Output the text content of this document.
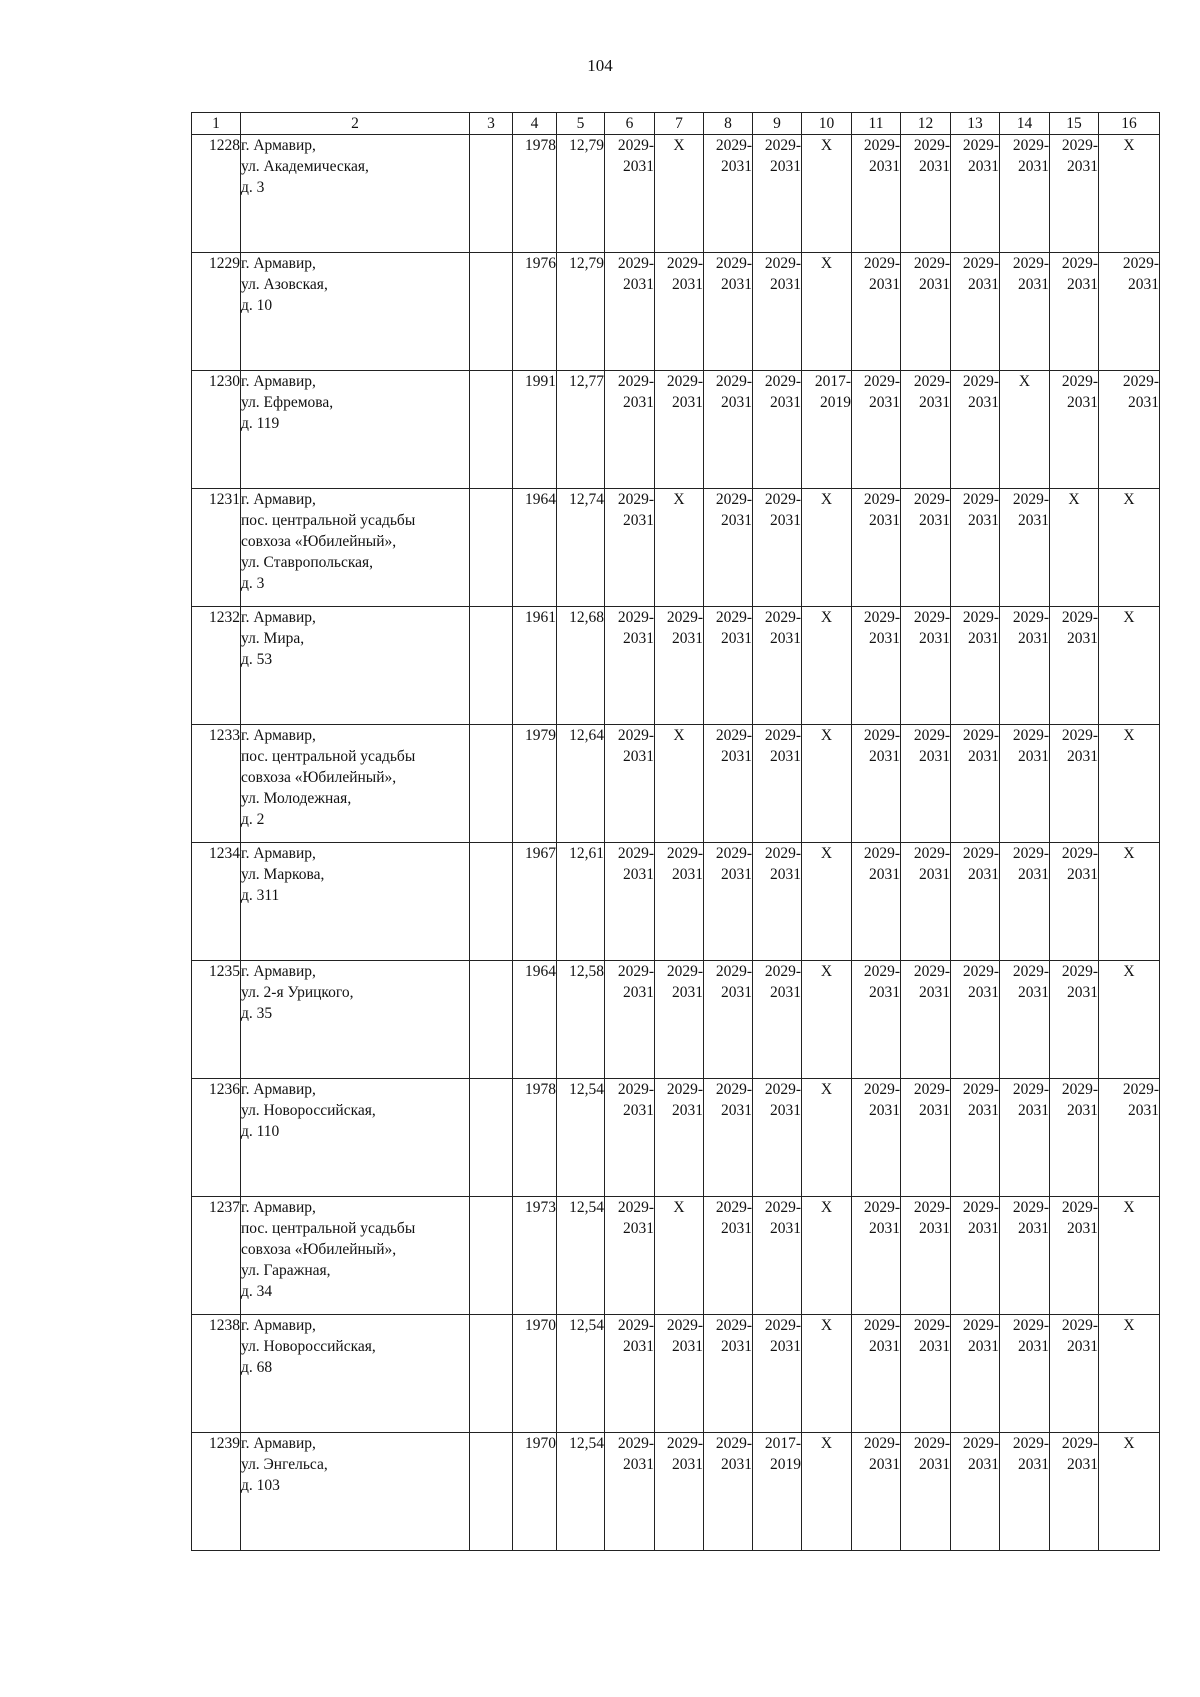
104
1	2	3	4	5	6	7	8	9	10	11	12	13	14	15	16
1228	г. Армавир,
ул. Академическая,
д. 3		1978	12,79	2029-
2031	X	2029-
2031	2029-
2031	X	2029-
2031	2029-
2031	2029-
2031	2029-
2031	2029-
2031	X
1229	г. Армавир,
ул. Азовская,
д. 10		1976	12,79	2029-
2031	2029-
2031	2029-
2031	2029-
2031	X	2029-
2031	2029-
2031	2029-
2031	2029-
2031	2029-
2031	2029-
2031

1230	г. Армавир,
ул. Ефремова,
д. 119		1991	12,77	2029-
2031	2029-
2031	2029-
2031	2029-
2031	2017-
2019	2029-
2031	2029-
2031	2029-
2031	X	2029-
2031	2029-
2031

1231	г. Армавир,
пос. центральной усадьбы
совхоза «Юбилейный»,
ул. Ставропольская,
д. 3		1964	12,74	2029-
2031	X	2029-
2031	2029-
2031	X	2029-
2031	2029-
2031	2029-
2031	2029-
2031	X	X
1232	г. Армавир,
ул. Мира,
д. 53		1961	12,68	2029-
2031	2029-
2031	2029-
2031	2029-
2031	X	2029-
2031	2029-
2031	2029-
2031	2029-
2031	2029-
2031	X
1233	г. Армавир,
пос. центральной усадьбы
совхоза «Юбилейный»,
ул. Молодежная,
д. 2		1979	12,64	2029-
2031	X	2029-
2031	2029-
2031	X	2029-
2031	2029-
2031	2029-
2031	2029-
2031	2029-
2031	X
1234	г. Армавир,
ул. Маркова,
д. 311		1967	12,61	2029-
2031	2029-
2031	2029-
2031	2029-
2031	X	2029-
2031	2029-
2031	2029-
2031	2029-
2031	2029-
2031	X
1235	г. Армавир,
ул. 2-я Урицкого,
д. 35		1964	12,58	2029-
2031	2029-
2031	2029-
2031	2029-
2031	X	2029-
2031	2029-
2031	2029-
2031	2029-
2031	2029-
2031	X
1236	г. Армавир,
ул. Новороссийская,
д. 110		1978	12,54	2029-
2031	2029-
2031	2029-
2031	2029-
2031	X	2029-
2031	2029-
2031	2029-
2031	2029-
2031	2029-
2031	2029-
2031

1237	г. Армавир,
пос. центральной усадьбы
совхоза «Юбилейный»,
ул. Гаражная,
д. 34		1973	12,54	2029-
2031	X	2029-
2031	2029-
2031	X	2029-
2031	2029-
2031	2029-
2031	2029-
2031	2029-
2031	X
1238	г. Армавир,
ул. Новороссийская,
д. 68		1970	12,54	2029-
2031	2029-
2031	2029-
2031	2029-
2031	X	2029-
2031	2029-
2031	2029-
2031	2029-
2031	2029-
2031	X
1239	г. Армавир,
ул. Энгельса,
д. 103		1970	12,54	2029-
2031	2029-
2031	2029-
2031	2017-
2019	X	2029-
2031	2029-
2031	2029-
2031	2029-
2031	2029-
2031	X
